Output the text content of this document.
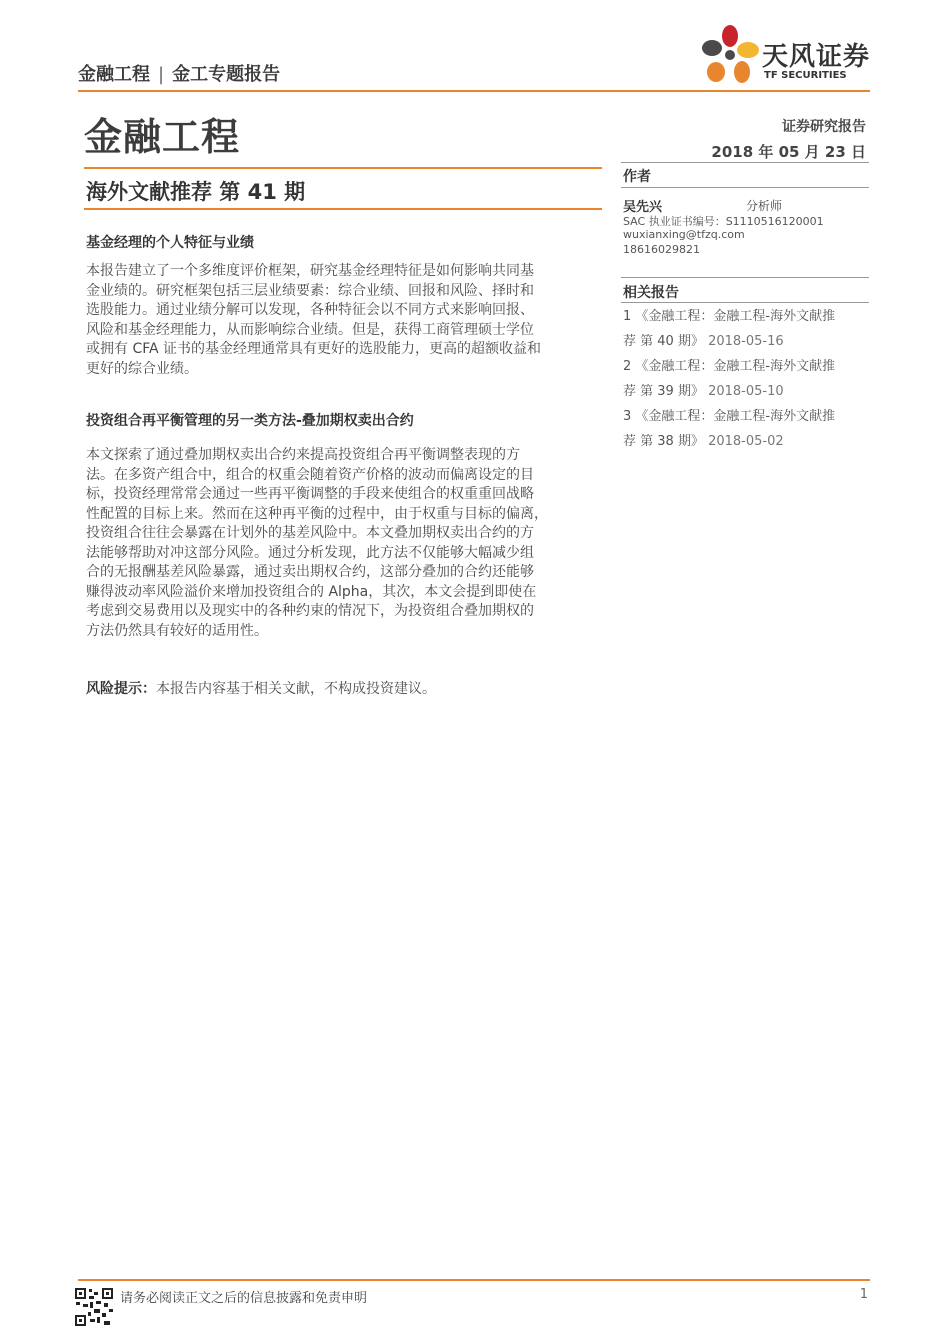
金融工程 | 金工专题报告
天风证券
TF SECURITIES
金融工程	证券研究报告
2018 年 05 月 23 日
海外文献推荐 第 41 期
基金经理的个人特征与业绩
本报告建立了一个多维度评价框架，研究基金经理特征是如何影响共同基
金业绩的。研究框架包括三层业绩要素：综合业绩、回报和风险、择时和
选股能力。通过业绩分解可以发现，各种特征会以不同方式来影响回报、
风险和基金经理能力，从而影响综合业绩。但是，获得工商管理硕士学位
或拥有 CFA 证书的基金经理通常具有更好的选股能力，更高的超额收益和
更好的综合业绩。
投资组合再平衡管理的另一类方法-叠加期权卖出合约
本文探索了通过叠加期权卖出合约来提高投资组合再平衡调整表现的方
法。在多资产组合中，组合的权重会随着资产价格的波动而偏离设定的目
标，投资经理常常会通过一些再平衡调整的手段来使组合的权重重回战略
性配置的目标上来。然而在这种再平衡的过程中，由于权重与目标的偏离，
投资组合往往会暴露在计划外的基差风险中。本文叠加期权卖出合约的方
法能够帮助对冲这部分风险。通过分析发现，此方法不仅能够大幅减少组
合的无报酬基差风险暴露，通过卖出期权合约，这部分叠加的合约还能够
赚得波动率风险溢价来增加投资组合的 Alpha，其次，本文会提到即使在
考虑到交易费用以及现实中的各种约束的情况下，为投资组合叠加期权的
方法仍然具有较好的适用性。
风险提示：本报告内容基于相关文献，不构成投资建议。
作者
吴先兴	分析师
SAC 执业证书编号：S1110516120001
wuxianxing@tfzq.com
18616029821
相关报告
1 《金融工程：金融工程-海外文献推
荐 第 40 期》 2018-05-16
2 《金融工程：金融工程-海外文献推
荐 第 39 期》 2018-05-10
3 《金融工程：金融工程-海外文献推
荐 第 38 期》 2018-05-02
请务必阅读正文之后的信息披露和免责申明	1
